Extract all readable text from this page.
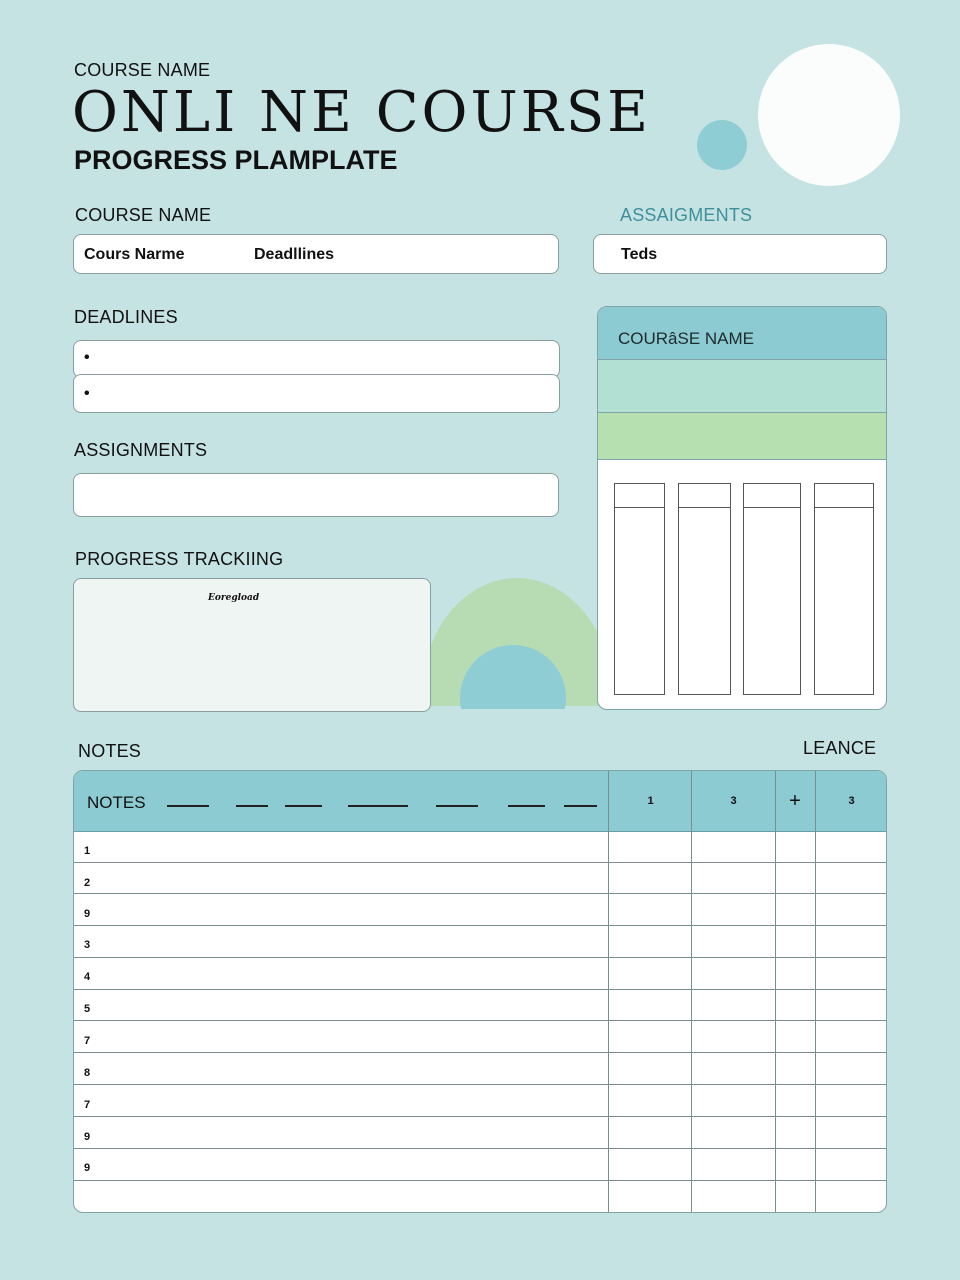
COURSE NAME
ONLI NE COURSE
PROGRESS PLAMPLATE
COURSE NAME
Cours Narme	Deadllines
ASSAIGMENTS
Teds
DEADLINES
•
•
ASSIGNMENTS
PROGRESS TRACKIING
Eoregload
COURâSE NAME
NOTES	LEANCE
NOTES	1	3	+	3
1
2
9
3
4
5
7
8
7
9
9
